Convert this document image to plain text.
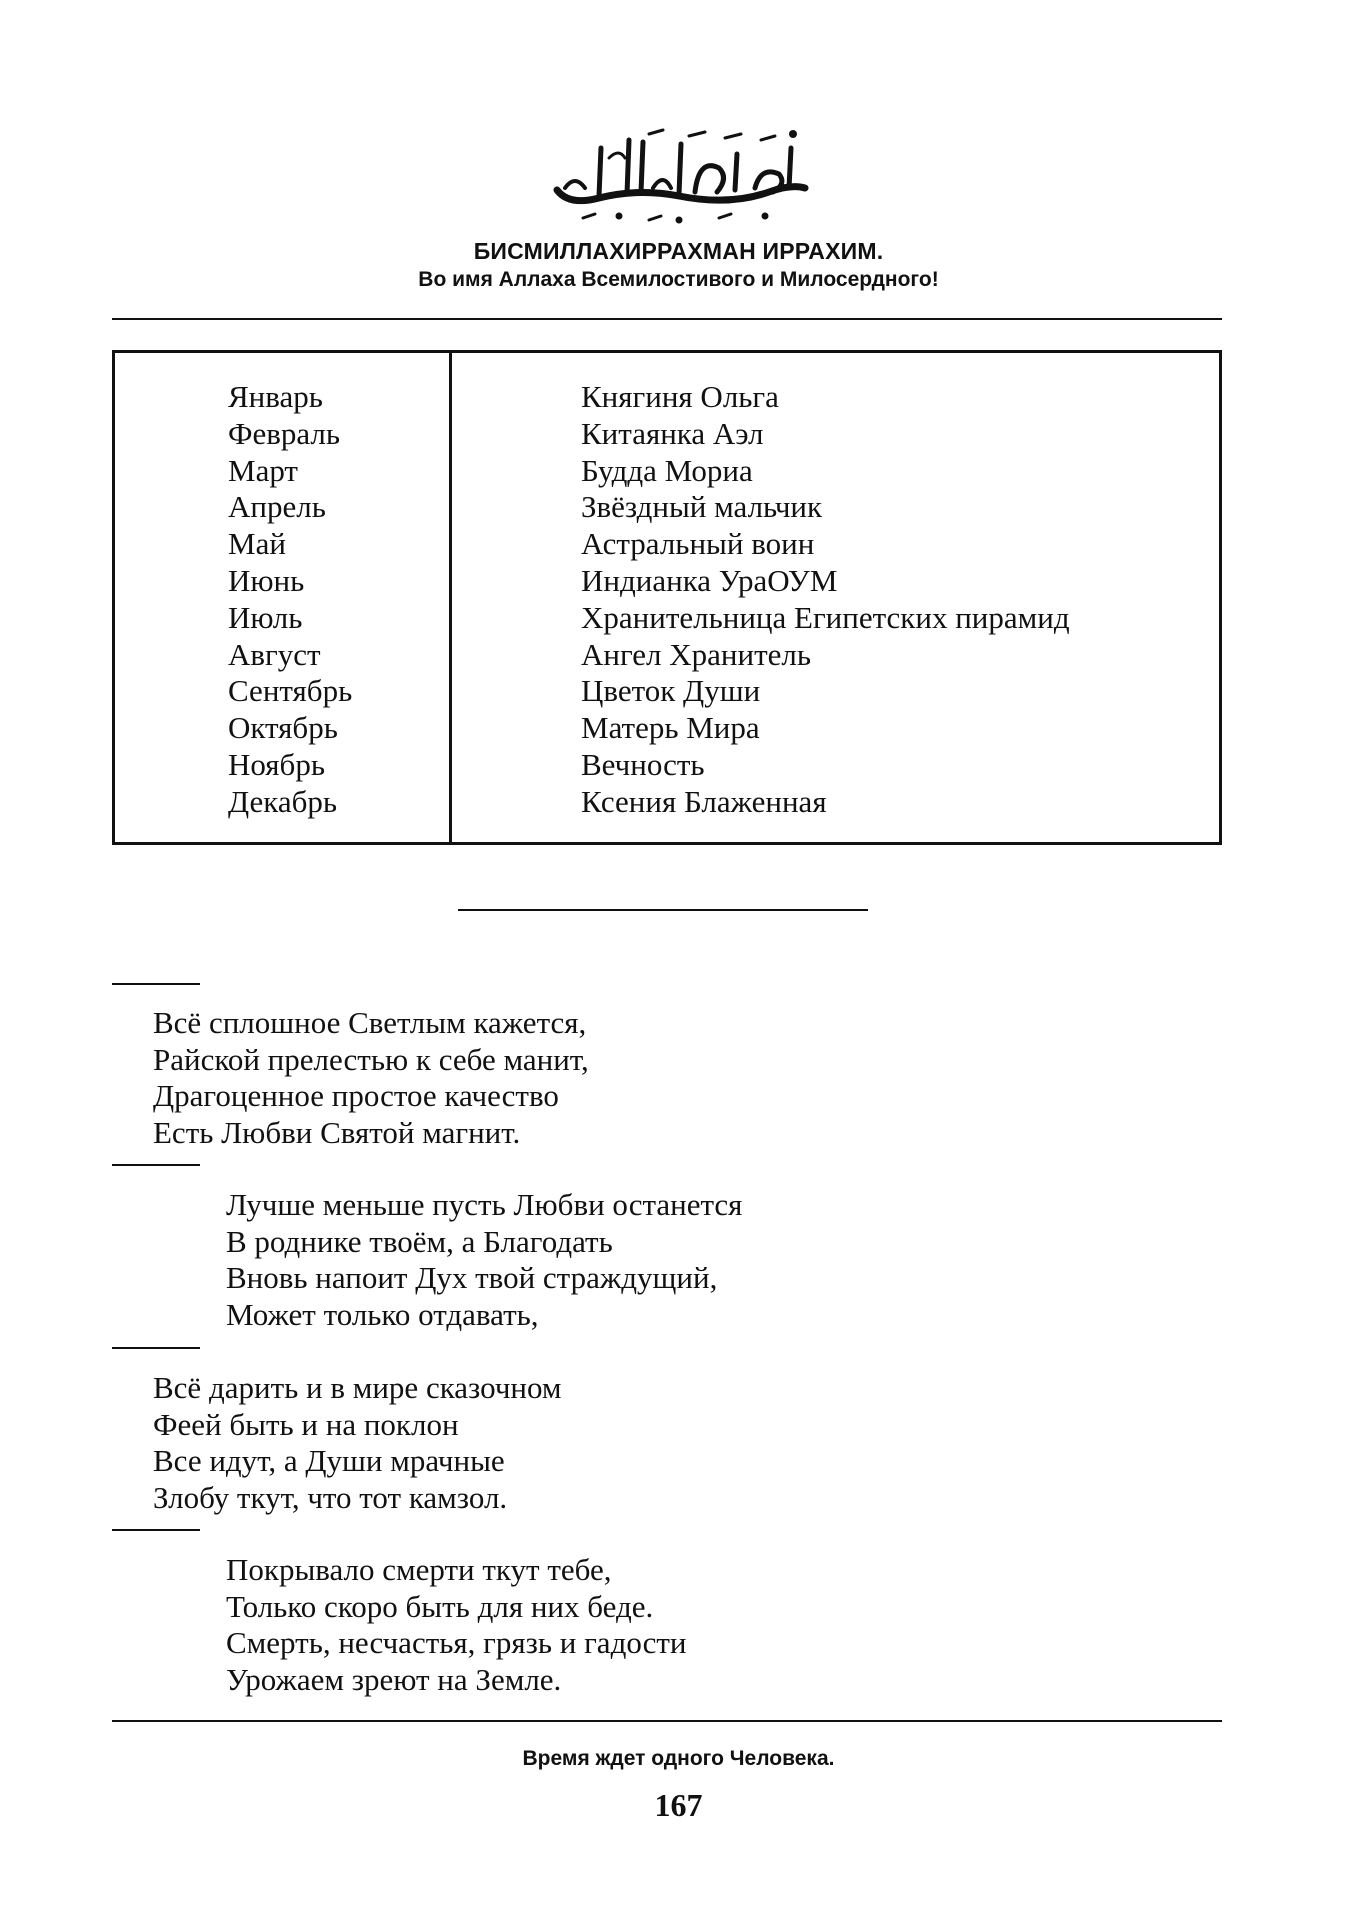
БИСМИЛЛАХИРРАХМАН ИРРАХИМ.
Во имя Аллаха Всемилостивого и Милосердного!
Январь
Февраль
Март
Апрель
Май
Июнь
Июль
Август
Сентябрь
Октябрь
Ноябрь
Декабрь
Княгиня Ольга
Китаянка Аэл
Будда Мориа
Звёздный мальчик
Астральный воин
Индианка УраОУМ
Хранительница Египетских пирамид
Ангел Хранитель
Цветок Души
Матерь Мира
Вечность
Ксения Блаженная
Всё сплошное Светлым кажется,
Райской прелестью к себе манит,
Драгоценное простое качество
Есть Любви Святой магнит.
Лучше меньше пусть Любви останется
В роднике твоём, а Благодать
Вновь напоит Дух твой страждущий,
Может только отдавать,
Всё дарить и в мире сказочном
Феей быть и на поклон
Все идут, а Души мрачные
Злобу ткут, что тот камзол.
Покрывало смерти ткут тебе,
Только скоро быть для них беде.
Смерть, несчастья, грязь и гадости
Урожаем зреют на Земле.
Время ждет одного Человека.
167
